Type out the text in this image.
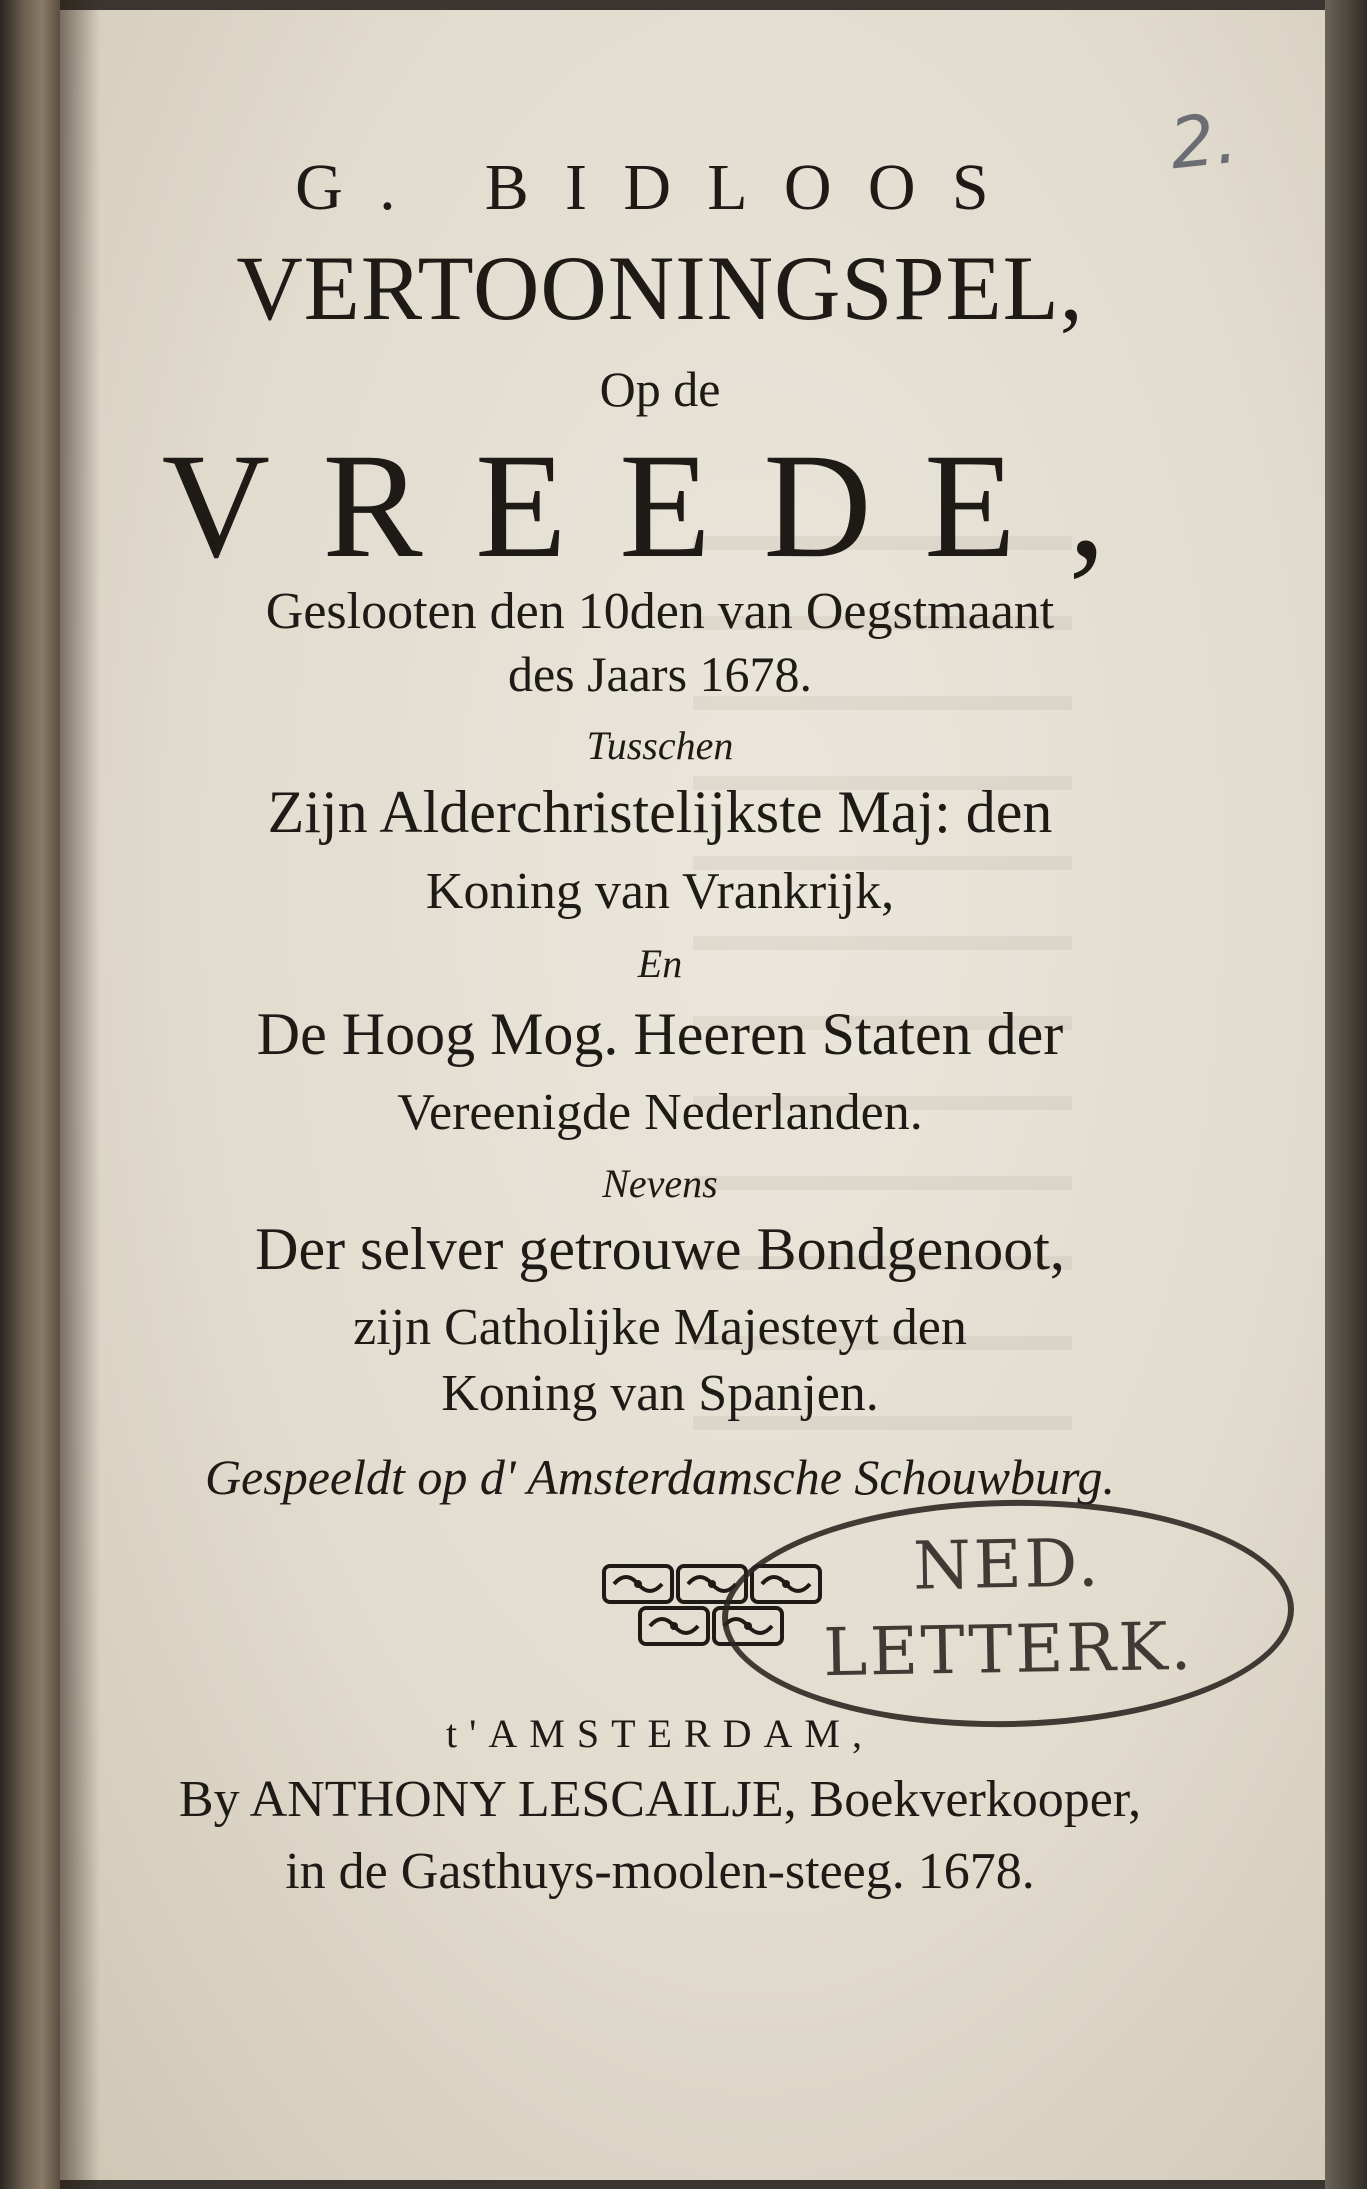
2.
G. BIDLOOS
VERTOONINGSPEL,
Op de
VREEDE,
Geslooten den 10den van Oegstmaant
des Jaars 1678.
Tusschen
Zijn Alderchristelijkste Maj: den
Koning van Vrankrijk,
En
De Hoog Mog. Heeren Staten der
Vereenigde Nederlanden.
Nevens
Der selver getrouwe Bondgenoot,
zijn Catholijke Majesteyt den
Koning van Spanjen.
Gespeeldt op d' Amsterdamsche Schouwburg.
t'AMSTERDAM,
By ANTHONY LESCAILJE, Boekverkooper,
in de Gasthuys-moolen-steeg. 1678.
NED.
LETTERK.
